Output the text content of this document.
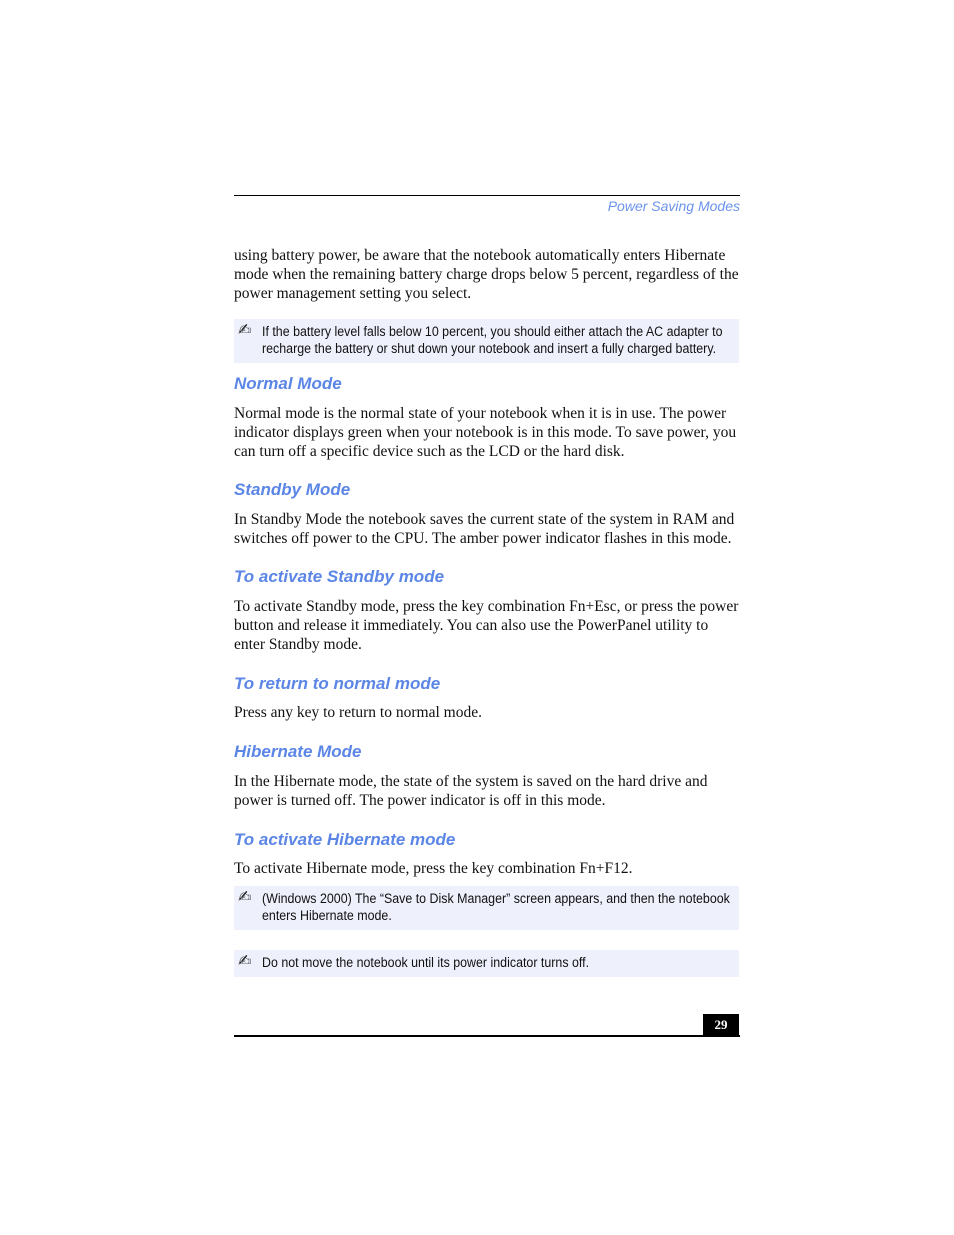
Power Saving Modes

using battery power, be aware that the notebook automatically enters Hibernate
mode when the remaining battery charge drops below 5 percent, regardless of the
power management setting you select.

✍ If the battery level falls below 10 percent, you should either attach the AC adapter to
recharge the battery or shut down your notebook and insert a fully charged battery.
Normal Mode

Normal mode is the normal state of your notebook when it is in use. The power
indicator displays green when your notebook is in this mode. To save power, you
can turn off a specific device such as the LCD or the hard disk.

Standby Mode

In Standby Mode the notebook saves the current state of the system in RAM and
switches off power to the CPU. The amber power indicator flashes in this mode.

To activate Standby mode

To activate Standby mode, press the key combination Fn+Esc, or press the power
button and release it immediately. You can also use the PowerPanel utility to
enter Standby mode.

To return to normal mode

Press any key to return to normal mode.

Hibernate Mode

In the Hibernate mode, the state of the system is saved on the hard drive and
power is turned off. The power indicator is off in this mode.

To activate Hibernate mode

To activate Hibernate mode, press the key combination Fn+F12.

✍ (Windows 2000) The “Save to Disk Manager” screen appears, and then the notebook
enters Hibernate mode.
✍ Do not move the notebook until its power indicator turns off.
29
